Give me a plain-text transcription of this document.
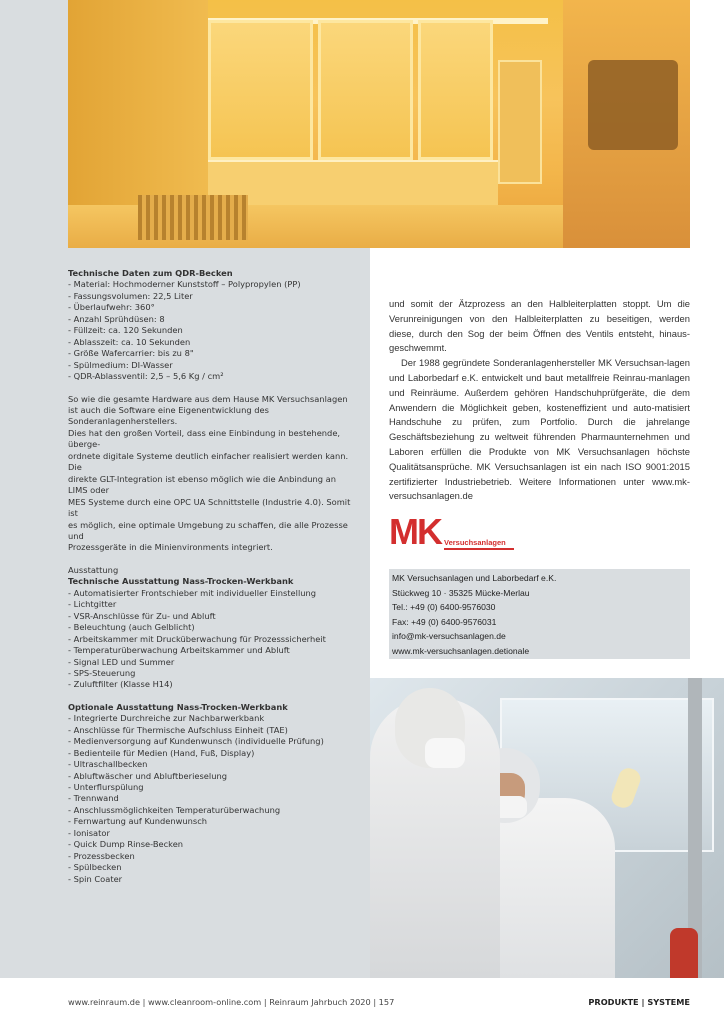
Technische Daten zum QDR-Becken
- Material: Hochmoderner Kunststoff – Polypropylen (PP)
- Fassungsvolumen: 22,5 Liter
- Überlaufwehr: 360°
- Anzahl Sprühdüsen: 8
- Füllzeit: ca. 120 Sekunden
- Ablasszeit: ca. 10 Sekunden
- Größe Wafercarrier: bis zu 8"
- Spülmedium: DI-Wasser
- QDR-Ablassventil: 2,5 – 5,6 Kg / cm²

So wie die gesamte Hardware aus dem Hause MK Versuchsanlagen

ist auch die Software eine Eigenentwicklung des Sonderanlagenherstellers.

Dies hat den großen Vorteil, dass eine Einbindung in bestehende, überge-

ordnete digitale Systeme deutlich einfacher realisiert werden kann. Die

direkte GLT-Integration ist ebenso möglich wie die Anbindung an LIMS oder

MES Systeme durch eine OPC UA Schnittstelle (Industrie 4.0). Somit ist

es möglich, eine optimale Umgebung zu schaffen, die alle Prozesse und

Prozessgeräte in die Minienvironments integriert.

Ausstattung
Technische Ausstattung Nass-Trocken-Werkbank
- Automatisierter Frontschieber mit individueller Einstellung
- Lichtgitter
- VSR-Anschlüsse für Zu- und Abluft
- Beleuchtung (auch Gelblicht)
- Arbeitskammer mit Drucküberwachung für Prozesssicherheit
- Temperaturüberwachung Arbeitskammer und Abluft
- Signal LED und Summer
- SPS-Steuerung
- Zuluftfilter (Klasse H14)
Optionale Ausstattung Nass-Trocken-Werkbank
- Integrierte Durchreiche zur Nachbarwerkbank
- Anschlüsse für Thermische Aufschluss Einheit (TAE)
- Medienversorgung auf Kundenwunsch (individuelle Prüfung)
- Bedienteile für Medien (Hand, Fuß, Display)
- Ultraschallbecken
- Abluftwäscher und Abluftberieselung
- Unterflurspülung
- Trennwand
- Anschlussmöglichkeiten Temperaturüberwachung
- Fernwartung auf Kundenwunsch
- Ionisator
- Quick Dump Rinse-Becken
- Prozessbecken
- Spülbecken
- Spin Coater

und somit der Ätzprozess an den Halbleiterplatten stoppt. Um die Verunreinigungen von den Halbleiterplatten zu beseitigen, werden diese, durch den Sog der beim Öffnen des Ventils entsteht, hinaus-geschwemmt.

Der 1988 gegründete Sonderanlagenhersteller MK Versuchsan-lagen und Laborbedarf e.K. entwickelt und baut metallfreie Reinrau-manlagen und Reinräume. Außerdem gehören Handschuhprüfgeräte, die dem Anwendern die Möglichkeit geben, kosteneffizient und auto-matisiert Handschuhe zu prüfen, zum Portfolio. Durch die jahrelange Geschäftsbeziehung zu weltweit führenden Pharmaunternehmen und Laboren erfüllen die Produkte von MK Versuchsanlagen höchste Qualitätsansprüche. MK Versuchsanlagen ist ein nach ISO 9001:2015 zertifizierter Industriebetrieb. Weitere Informationen unter www.mk-versuchsanlagen.de

MK Versuchsanlagen
MK Versuchsanlagen und Laborbedarf e.K.
Stückweg 10 · 35325 Mücke-Merlau
Tel.: +49 (0) 6400-9576030
Fax: +49 (0) 6400-9576031
info@mk-versuchsanlagen.de
www.mk-versuchsanlagen.detionale
www.reinraum.de | www.cleanroom-online.com | Reinraum Jahrbuch 2020 | 157	PRODUKTE | SYSTEME
